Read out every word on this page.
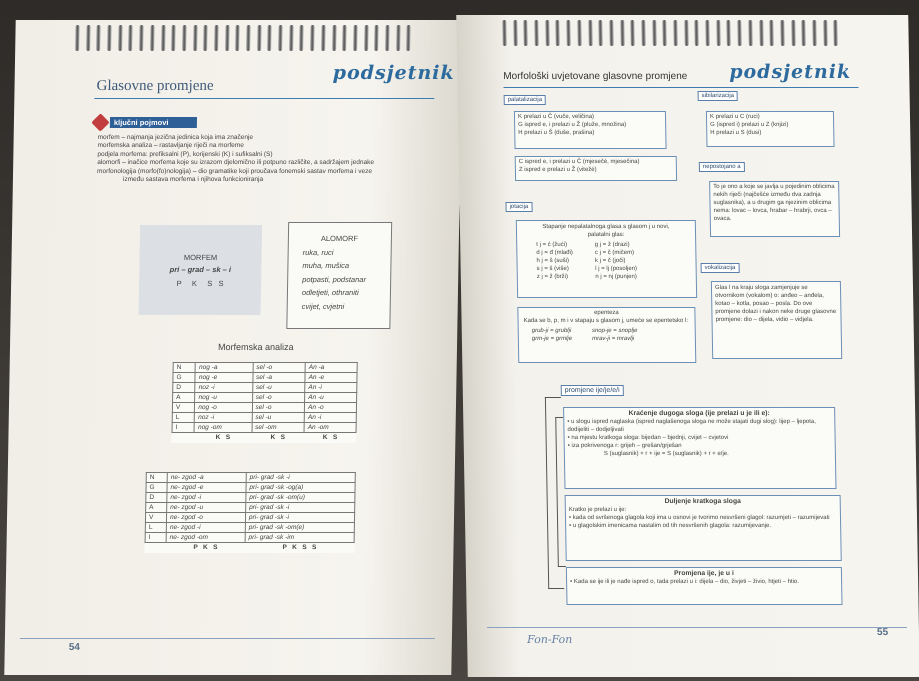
Glasovne promjene
podsjetnik
ključni pojmovi
morfem – najmanja jezična jedinica koja ima značenje
morfemska analiza – rastavljanje riječi na morfeme
podjela morfema: prefiksalni (P), korijenski (K) i sufiksalni (S)
alomorfi – inačice morfema koje su izrazom djelomično ili potpuno različite, a sadržajem jednake
morfonologija (morfo(fo)nologija) – dio gramatike koji proučava fonemski sastav morfema i veze
između sastava morfema i njihova funkcioniranja
MORFEM
pri – grad – sk – i
P     K     S   S
ALOMORF
ruka, ruci
muha, mušica
potpasti, podstanar
odletjeti, othraniti
cvijet, cvjetni
Morfemska analiza
N	nog -a	sel -o	An -a
G	nog -e	sel -a	An -e
D	noz -i	sel -u	An -i
A	nog -u	sel -o	An -u
V	nog -o	sel -o	An -o
L	noz -i	sel -u	An -i
I	nog -om	sel -om	An -om
	K   S	K   S	K   S
N	ne- zgod -a	pri- grad -sk -i
G	ne- zgod -e	pri- grad -sk -og(a)
D	ne- zgod -i	pri- grad -sk -om(u)
A	ne- zgod -u	pri- grad -sk -i
V	ne- zgod -o	pri- grad -sk -i
L	ne- zgod -i	pri- grad -sk -om(e)
I	ne- zgod -om	pri- grad -sk -im
	P   K   S	P   K   S   S
54
Morfološki uvjetovane glasovne promjene podsjetnik
palatalizacija
K prelazi u Č (vuče, veličina)
G ispred e, i prelazi u Ž (pluže, množina)
H prelazi u Š (duše, prašina)
C ispred e, i prelazi u Č (mjesečé, mjesečina)
Z ispred e prelazi u Ž (vitežé)
sibilarizacija
K prelazi u C (ruci)
G (ispred i) prelazi u Z (knjizi)
H prelazi u S (dusi)
nepostojano a
To je ono a koje se javlja u pojedinim oblicima nekih riječi (najčešće između dva zadnja suglasnika), a u drugim ga njezinim oblicima nema: lovac – lovca, hrabar – hrabrji, ovca – ovaca.
jotacija
Stapanje nepalatalnoga glasa s glasom j u novi, palatalni glas:
t j = ć (žući)
d j = đ (mlađi)
h j = š (suši)
s j = š (više)
z j = ž (brži)
g j = ž (drazi)
c j = č (mičem)
k j = č (joči)
l j = lj (posoljen)
n j = nj (punjen)
epenteza
Kada se b, p, m i v stapaju s glasom j, umeće se epentetsko l:
grub-ji = grublji
grm-je = grmlje
snop-je = snoplje
mrav-ji = mravlji
vokalizacija
Glas l na kraju sloga zamjenjuje se otvornikom (vokalom) o: anđeo – anđela, kotao – kotla, posao – posla. Do ove promjene dolazi i nakon neke druge glasovne promjene: dio – dijela, vidio – vidjela.
promjene ije/je/e/i
Kraćenje dugoga sloga (ije prelazi u je ili e):
• u slogu ispred naglaska (ispred naglašenoga sloga ne može stajati dugi slog): lijep – ljepota, dodijeliti – dodjeljivati
• na mjestu kratkoga sloga: bijedan – bjednji, cvijet – cvjetovi
• iza pokrivenoga r: grijeh – grešan/grješan
S (suglasnik) + r + ije = S (suglasnik) + r + e/je.
Duljenje kratkoga sloga
Kratko je prelazi u ije:
• kada od svršenoga glagola koji ima u osnovi je tvorimo nesvršeni glagol: razumjeti – razumijevati
• u glagolskim imenicama nastalim od tih nesvršenih glagola: razumijevanje.
Promjena ije, je u i
• Kada se ije ili je nađe ispred o, tada prelazi u i: dijela – dio, živjeti – živio, htjeti – htio.
Fon-Fon
55
